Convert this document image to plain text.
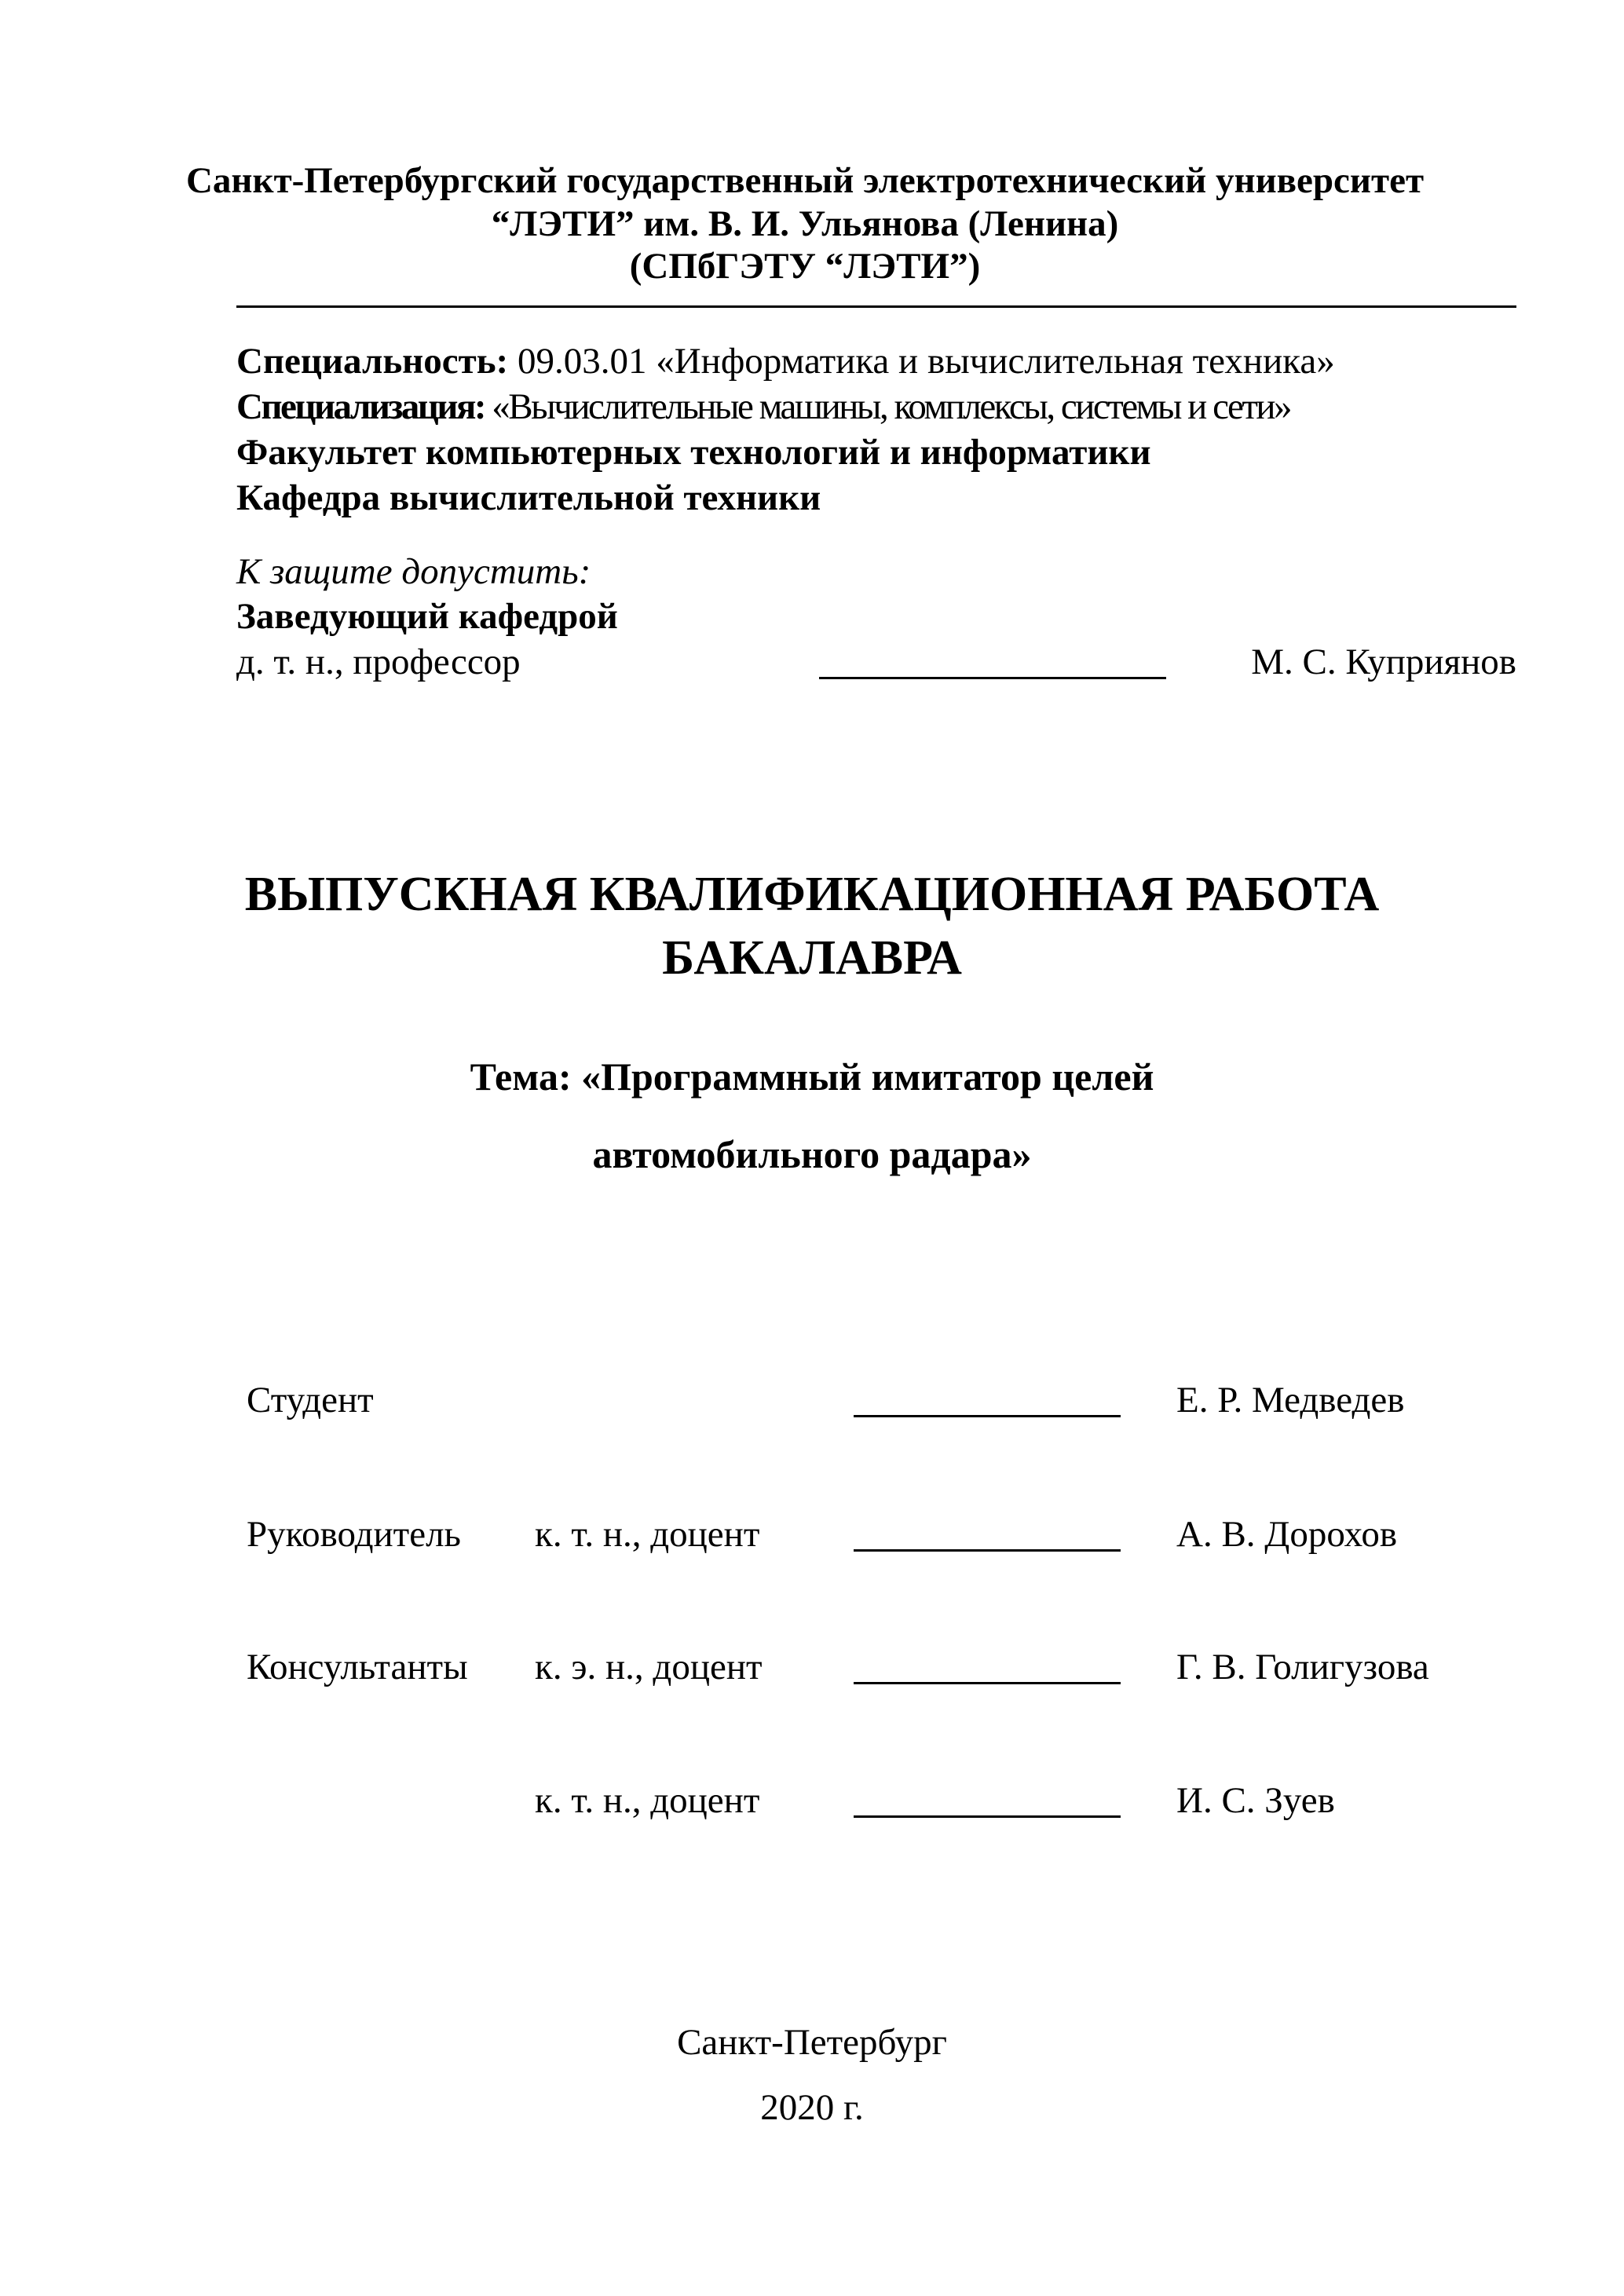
Санкт-Петербургский государственный электротехнический университет
“ЛЭТИ” им. В. И. Ульянова (Ленина)
(СПбГЭТУ “ЛЭТИ”)
Специальность: 09.03.01 «Информатика и вычислительная техника»
Специализация: «Вычислительные машины, комплексы, системы и сети»
Факультет компьютерных технологий и информатики
Кафедра вычислительной техники
К защите допустить:
Заведующий кафедрой
д. т. н., профессор	М. С. Куприянов
ВЫПУСКНАЯ КВАЛИФИКАЦИОННАЯ РАБОТА
БАКАЛАВРА
Тема: «Программный имитатор целей
автомобильного радара»
Студент	Е. Р. Медведев
Руководитель к. т. н., доцент	А. В. Дорохов
Консультанты к. э. н., доцент	Г. В. Голигузова
к. т. н., доцент	И. С. Зуев
Санкт-Петербург
2020 г.
